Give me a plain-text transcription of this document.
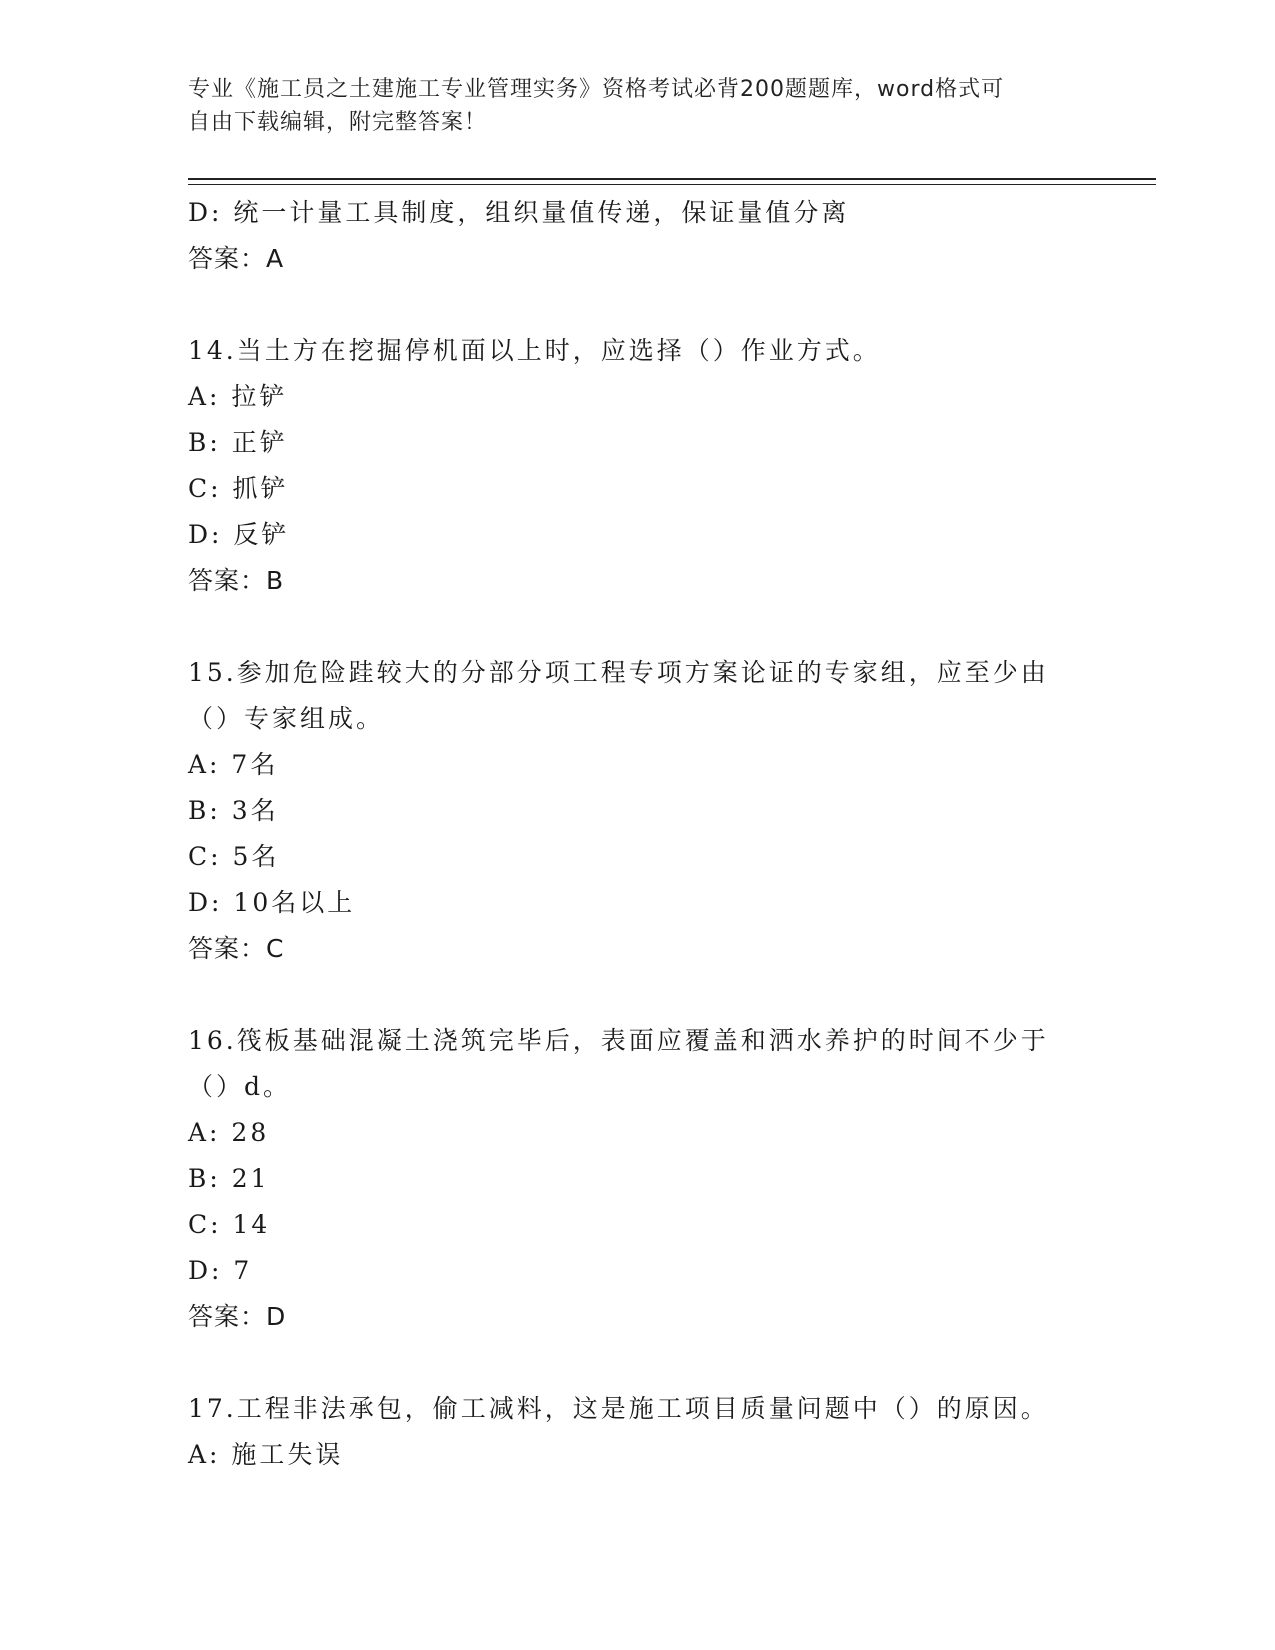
专业《施工员之土建施工专业管理实务》资格考试必背200题题库，word格式可
自由下载编辑，附完整答案！
D: 统一计量工具制度，组织量值传递，保证量值分离
答案：A
14.当土方在挖掘停机面以上时，应选择（）作业方式。
A: 拉铲
B: 正铲
C: 抓铲
D: 反铲
答案：B
15.参加危险跬较大的分部分项工程专项方案论证的专家组，应至少由
（）专家组成。
A: 7名
B: 3名
C: 5名
D: 10名以上
答案：C
16.筏板基础混凝土浇筑完毕后，表面应覆盖和洒水养护的时间不少于
（）d。
A: 28
B: 21
C: 14
D: 7
答案：D
17.工程非法承包，偷工减料，这是施工项目质量问题中（）的原因。
A: 施工失误
